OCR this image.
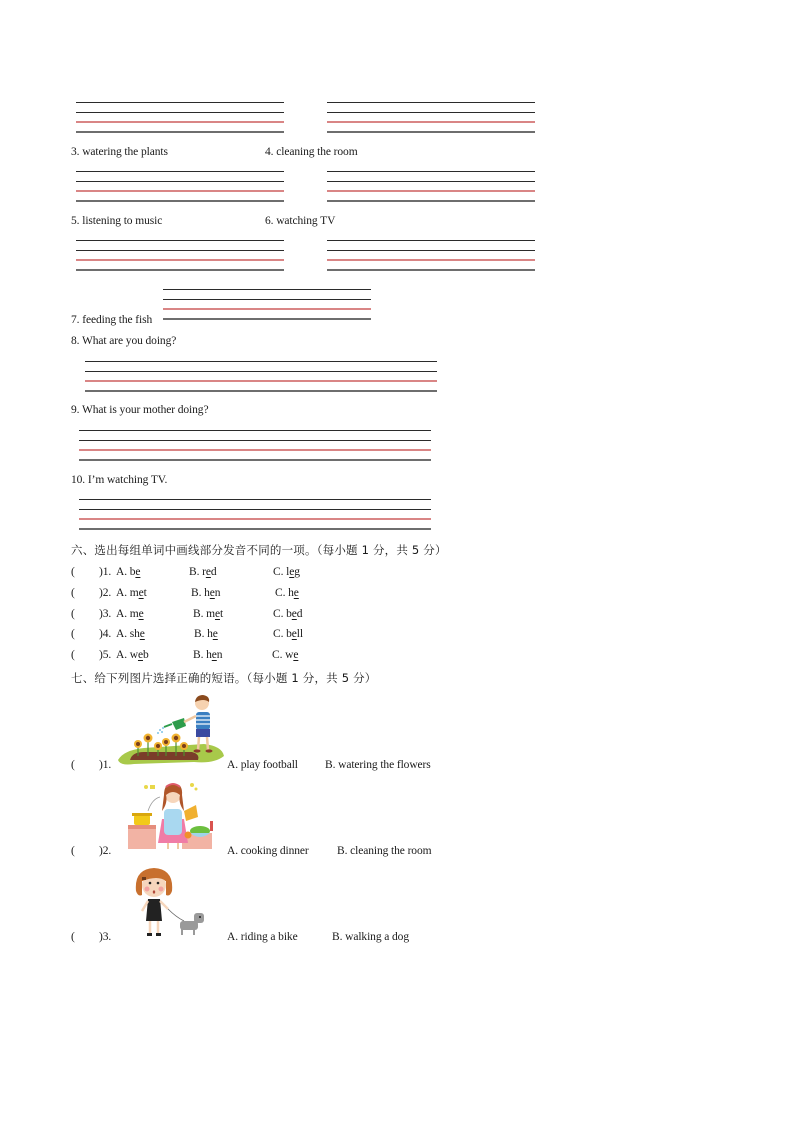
3. watering the plants	4. cleaning the room
5. listening to music	6. watching TV
7. feeding the fish
8. What are you doing?
9. What is your mother doing?
10. I’m watching TV.
六、选出每组单词中画线部分发音不同的一项。（每小题 1 分，共 5 分）
( )1. A. be	B. red	C. leg
( )2. A. met	B. hen	C. he
( )3. A. me	B. met	C. bed
( )4. A. she	B. he	C. bell
( )5. A. web	B. hen	C. we
七、给下列图片选择正确的短语。（每小题 1 分，共 5 分）
( )1.	A. play football B. watering the flowers
( )2.	A. cooking dinner B. cleaning the room
( )3.	A. riding a bike	B. walking a dog
